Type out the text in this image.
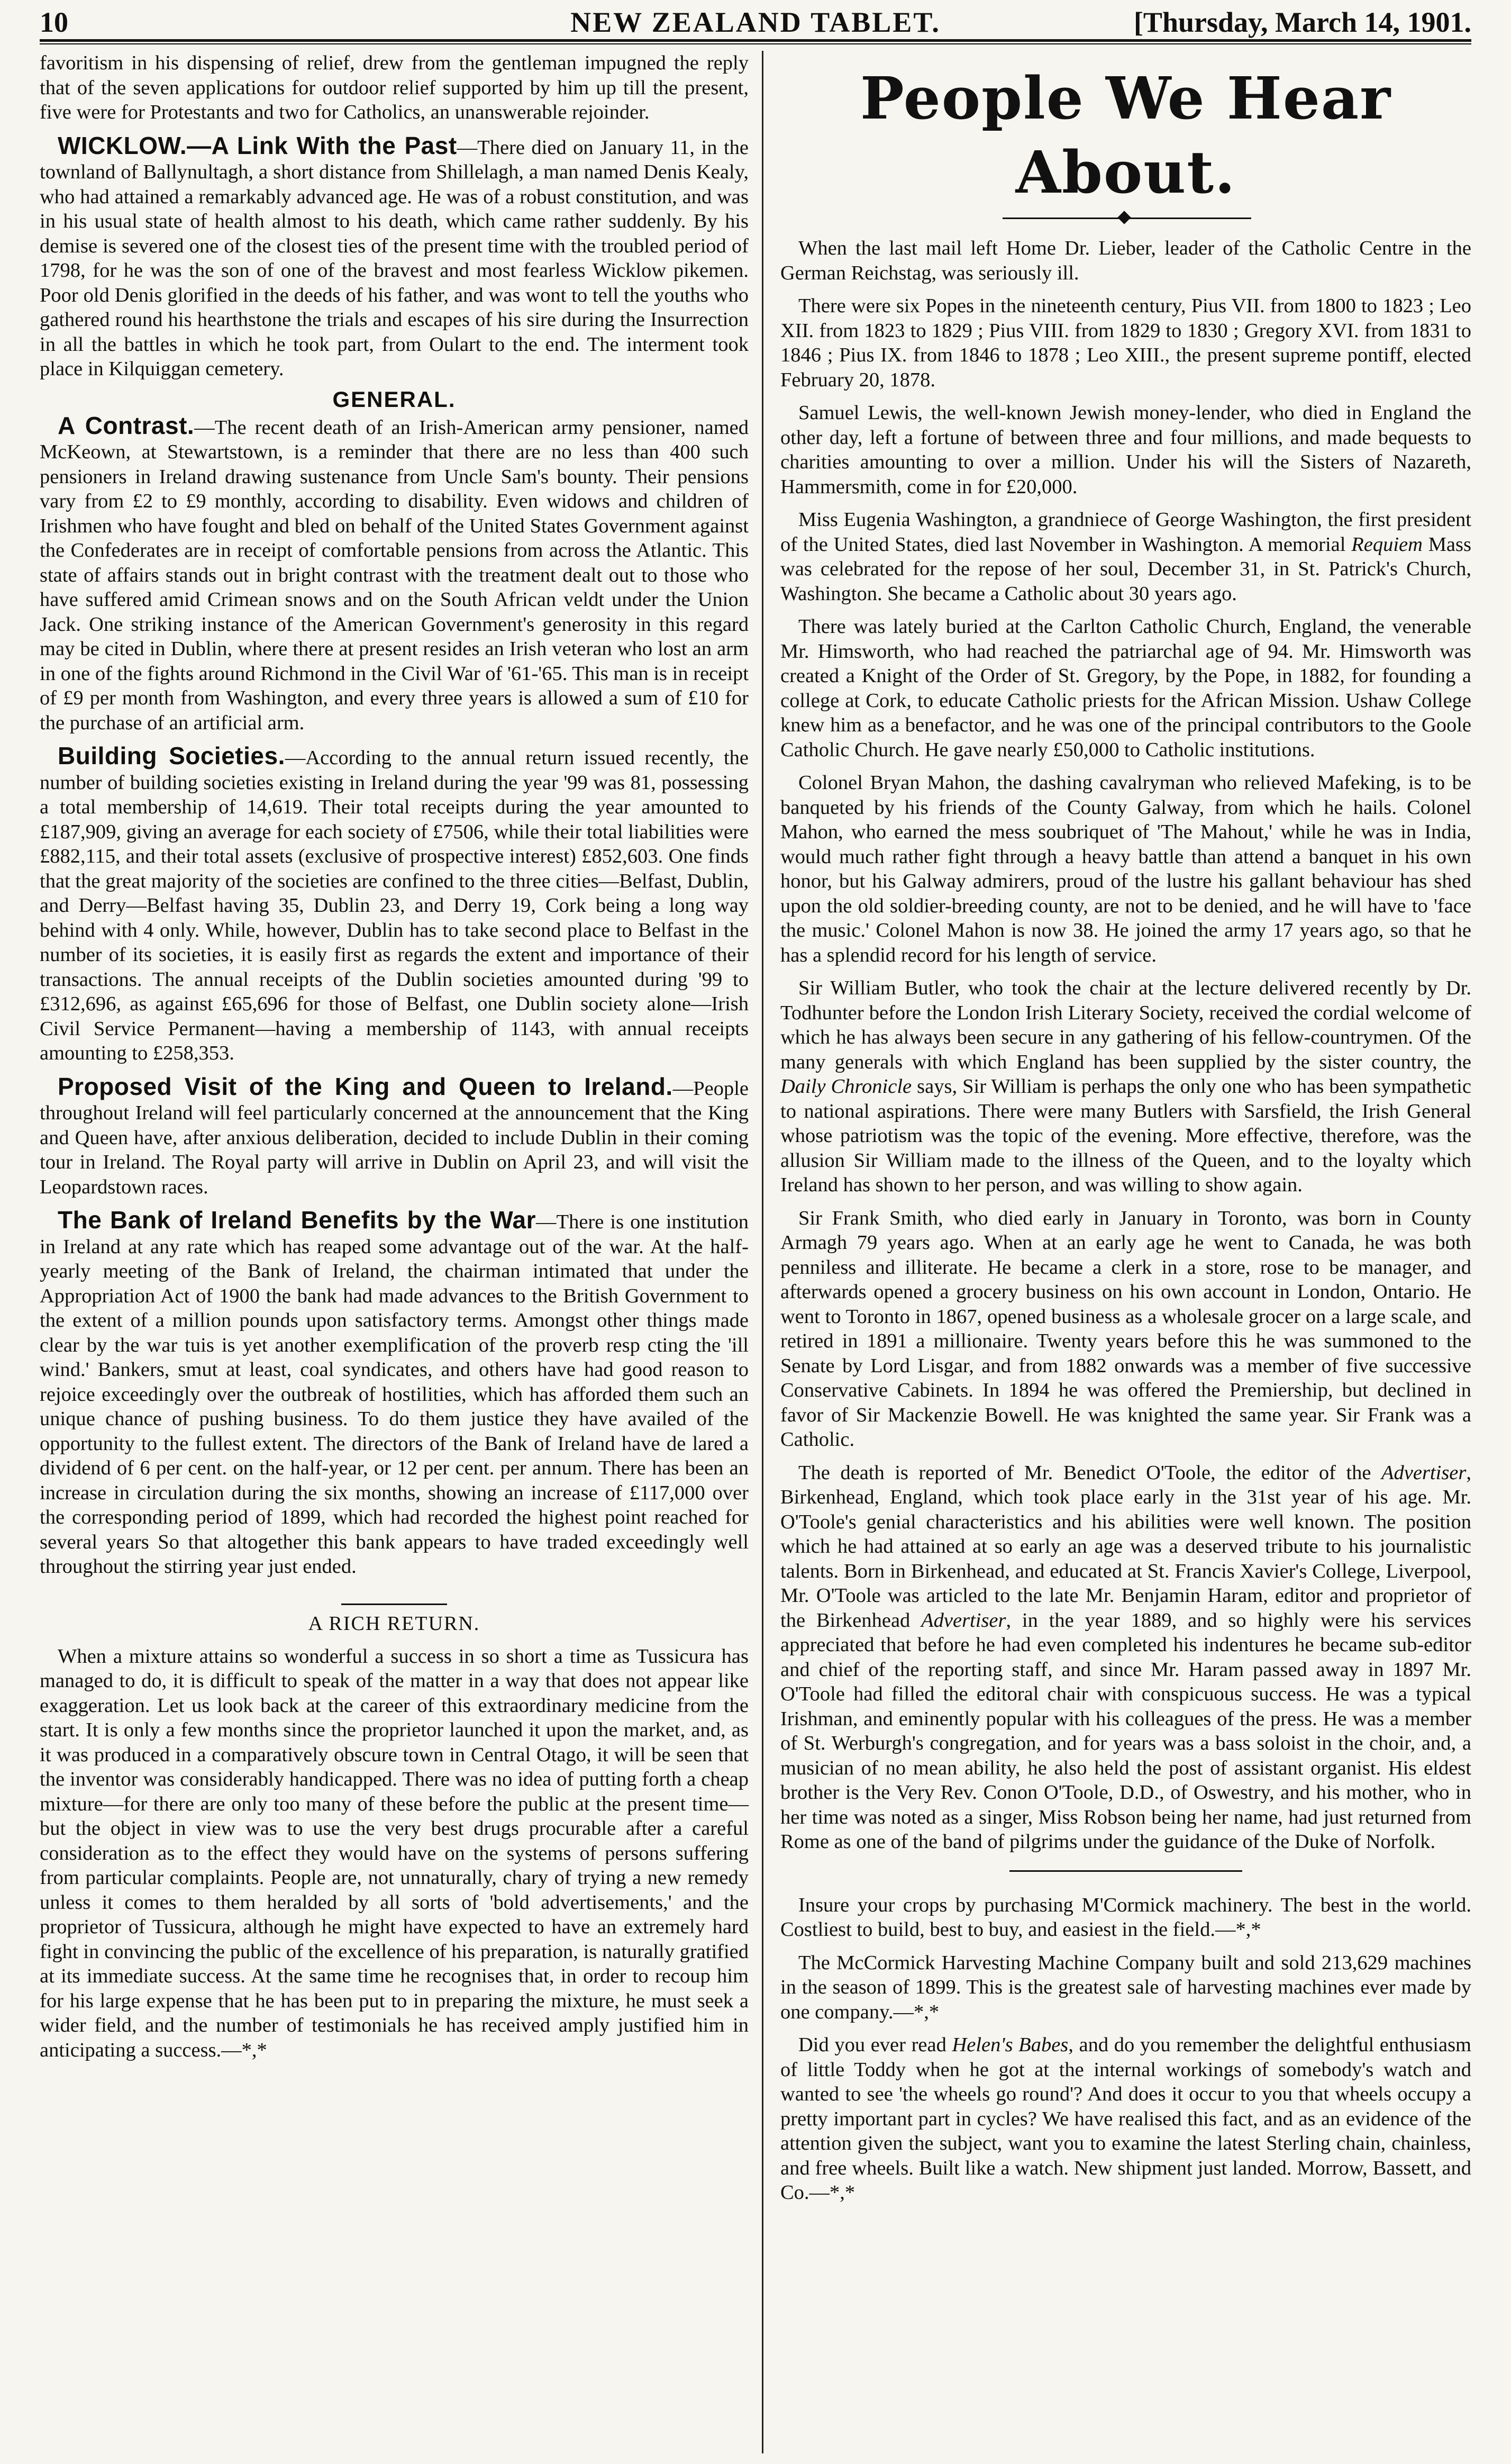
10	NEW ZEALAND TABLET.	[Thursday, March 14, 1901.

favoritism in his dispensing of relief, drew from the gentleman impugned the reply that of the seven applications for outdoor relief supported by him up till the present, five were for Protestants and two for Catholics, an unanswerable rejoinder.

WICKLOW.—A Link With the Past—There died on January 11, in the townland of Ballynultagh, a short distance from Shillelagh, a man named Denis Kealy, who had attained a remarkably advanced age. He was of a robust constitution, and was in his usual state of health almost to his death, which came rather suddenly. By his demise is severed one of the closest ties of the present time with the troubled period of 1798, for he was the son of one of the bravest and most fearless Wicklow pikemen. Poor old Denis glorified in the deeds of his father, and was wont to tell the youths who gathered round his hearthstone the trials and escapes of his sire during the Insurrection in all the battles in which he took part, from Oulart to the end. The interment took place in Kilquiggan cemetery.

GENERAL.

A Contrast.—The recent death of an Irish-American army pensioner, named McKeown, at Stewartstown, is a reminder that there are no less than 400 such pensioners in Ireland drawing sustenance from Uncle Sam's bounty. Their pensions vary from £2 to £9 monthly, according to disability. Even widows and children of Irishmen who have fought and bled on behalf of the United States Government against the Confederates are in receipt of comfortable pensions from across the Atlantic. This state of affairs stands out in bright contrast with the treatment dealt out to those who have suffered amid Crimean snows and on the South African veldt under the Union Jack. One striking instance of the American Government's generosity in this regard may be cited in Dublin, where there at present resides an Irish veteran who lost an arm in one of the fights around Richmond in the Civil War of '61-'65. This man is in receipt of £9 per month from Washington, and every three years is allowed a sum of £10 for the purchase of an artificial arm.

Building Societies.—According to the annual return issued recently, the number of building societies existing in Ireland during the year '99 was 81, possessing a total membership of 14,619. Their total receipts during the year amounted to £187,909, giving an average for each society of £7506, while their total liabilities were £882,115, and their total assets (exclusive of prospective interest) £852,603. One finds that the great majority of the societies are confined to the three cities—Belfast, Dublin, and Derry—Belfast having 35, Dublin 23, and Derry 19, Cork being a long way behind with 4 only. While, however, Dublin has to take second place to Belfast in the number of its societies, it is easily first as regards the extent and importance of their transactions. The annual receipts of the Dublin societies amounted during '99 to £312,696, as against £65,696 for those of Belfast, one Dublin society alone—Irish Civil Service Permanent—having a membership of 1143, with annual receipts amounting to £258,353.

Proposed Visit of the King and Queen to Ireland.—People throughout Ireland will feel particularly concerned at the announcement that the King and Queen have, after anxious deliberation, decided to include Dublin in their coming tour in Ireland. The Royal party will arrive in Dublin on April 23, and will visit the Leopardstown races.

The Bank of Ireland Benefits by the War—There is one institution in Ireland at any rate which has reaped some advantage out of the war. At the half-yearly meeting of the Bank of Ireland, the chairman intimated that under the Appropriation Act of 1900 the bank had made advances to the British Government to the extent of a million pounds upon satisfactory terms. Amongst other things made clear by the war tuis is yet another exemplification of the proverb resp cting the 'ill wind.' Bankers, smut at least, coal syndicates, and others have had good reason to rejoice exceedingly over the outbreak of hostilities, which has afforded them such an unique chance of pushing business. To do them justice they have availed of the opportunity to the fullest extent. The directors of the Bank of Ireland have de lared a dividend of 6 per cent. on the half-year, or 12 per cent. per annum. There has been an increase in circulation during the six months, showing an increase of £117,000 over the corresponding period of 1899, which had recorded the highest point reached for several years So that altogether this bank appears to have traded exceedingly well throughout the stirring year just ended.

A RICH RETURN.

When a mixture attains so wonderful a success in so short a time as Tussicura has managed to do, it is difficult to speak of the matter in a way that does not appear like exaggeration. Let us look back at the career of this extraordinary medicine from the start. It is only a few months since the proprietor launched it upon the market, and, as it was produced in a comparatively obscure town in Central Otago, it will be seen that the inventor was considerably handicapped. There was no idea of putting forth a cheap mixture—for there are only too many of these before the public at the present time—but the object in view was to use the very best drugs procurable after a careful consideration as to the effect they would have on the systems of persons suffering from particular complaints. People are, not unnaturally, chary of trying a new remedy unless it comes to them heralded by all sorts of 'bold advertisements,' and the proprietor of Tussicura, although he might have expected to have an extremely hard fight in convincing the public of the excellence of his preparation, is naturally gratified at its immediate success. At the same time he recognises that, in order to recoup him for his large expense that he has been put to in preparing the mixture, he must seek a wider field, and the number of testimonials he has received amply justified him in anticipating a success.—*,*

People We Hear About.

When the last mail left Home Dr. Lieber, leader of the Catholic Centre in the German Reichstag, was seriously ill.

There were six Popes in the nineteenth century, Pius VII. from 1800 to 1823 ; Leo XII. from 1823 to 1829 ; Pius VIII. from 1829 to 1830 ; Gregory XVI. from 1831 to 1846 ; Pius IX. from 1846 to 1878 ; Leo XIII., the present supreme pontiff, elected February 20, 1878.

Samuel Lewis, the well-known Jewish money-lender, who died in England the other day, left a fortune of between three and four millions, and made bequests to charities amounting to over a million. Under his will the Sisters of Nazareth, Hammersmith, come in for £20,000.

Miss Eugenia Washington, a grandniece of George Washington, the first president of the United States, died last November in Washington. A memorial Requiem Mass was celebrated for the repose of her soul, December 31, in St. Patrick's Church, Washington. She became a Catholic about 30 years ago.

There was lately buried at the Carlton Catholic Church, England, the venerable Mr. Himsworth, who had reached the patriarchal age of 94. Mr. Himsworth was created a Knight of the Order of St. Gregory, by the Pope, in 1882, for founding a college at Cork, to educate Catholic priests for the African Mission. Ushaw College knew him as a benefactor, and he was one of the principal contributors to the Goole Catholic Church. He gave nearly £50,000 to Catholic institutions.

Colonel Bryan Mahon, the dashing cavalryman who relieved Mafeking, is to be banqueted by his friends of the County Galway, from which he hails. Colonel Mahon, who earned the mess soubriquet of 'The Mahout,' while he was in India, would much rather fight through a heavy battle than attend a banquet in his own honor, but his Galway admirers, proud of the lustre his gallant behaviour has shed upon the old soldier-breeding county, are not to be denied, and he will have to 'face the music.' Colonel Mahon is now 38. He joined the army 17 years ago, so that he has a splendid record for his length of service.

Sir William Butler, who took the chair at the lecture delivered recently by Dr. Todhunter before the London Irish Literary Society, received the cordial welcome of which he has always been secure in any gathering of his fellow-countrymen. Of the many generals with which England has been supplied by the sister country, the Daily Chronicle says, Sir William is perhaps the only one who has been sympathetic to national aspirations. There were many Butlers with Sarsfield, the Irish General whose patriotism was the topic of the evening. More effective, therefore, was the allusion Sir William made to the illness of the Queen, and to the loyalty which Ireland has shown to her person, and was willing to show again.

Sir Frank Smith, who died early in January in Toronto, was born in County Armagh 79 years ago. When at an early age he went to Canada, he was both penniless and illiterate. He became a clerk in a store, rose to be manager, and afterwards opened a grocery business on his own account in London, Ontario. He went to Toronto in 1867, opened business as a wholesale grocer on a large scale, and retired in 1891 a millionaire. Twenty years before this he was summoned to the Senate by Lord Lisgar, and from 1882 onwards was a member of five successive Conservative Cabinets. In 1894 he was offered the Premiership, but declined in favor of Sir Mackenzie Bowell. He was knighted the same year. Sir Frank was a Catholic.

The death is reported of Mr. Benedict O'Toole, the editor of the Advertiser, Birkenhead, England, which took place early in the 31st year of his age. Mr. O'Toole's genial characteristics and his abilities were well known. The position which he had attained at so early an age was a deserved tribute to his journalistic talents. Born in Birkenhead, and educated at St. Francis Xavier's College, Liverpool, Mr. O'Toole was articled to the late Mr. Benjamin Haram, editor and proprietor of the Birkenhead Advertiser, in the year 1889, and so highly were his services appreciated that before he had even completed his indentures he became sub-editor and chief of the reporting staff, and since Mr. Haram passed away in 1897 Mr. O'Toole had filled the editoral chair with conspicuous success. He was a typical Irishman, and eminently popular with his colleagues of the press. He was a member of St. Werburgh's congregation, and for years was a bass soloist in the choir, and, a musician of no mean ability, he also held the post of assistant organist. His eldest brother is the Very Rev. Conon O'Toole, D.D., of Oswestry, and his mother, who in her time was noted as a singer, Miss Robson being her name, had just returned from Rome as one of the band of pilgrims under the guidance of the Duke of Norfolk.

Insure your crops by purchasing M'Cormick machinery. The best in the world. Costliest to build, best to buy, and easiest in the field.—*,*

The McCormick Harvesting Machine Company built and sold 213,629 machines in the season of 1899. This is the greatest sale of harvesting machines ever made by one company.—*,*

Did you ever read Helen's Babes, and do you remember the delightful enthusiasm of little Toddy when he got at the internal workings of somebody's watch and wanted to see 'the wheels go round'? And does it occur to you that wheels occupy a pretty important part in cycles? We have realised this fact, and as an evidence of the attention given the subject, want you to examine the latest Sterling chain, chainless, and free wheels. Built like a watch. New shipment just landed. Morrow, Bassett, and Co.—*,*
